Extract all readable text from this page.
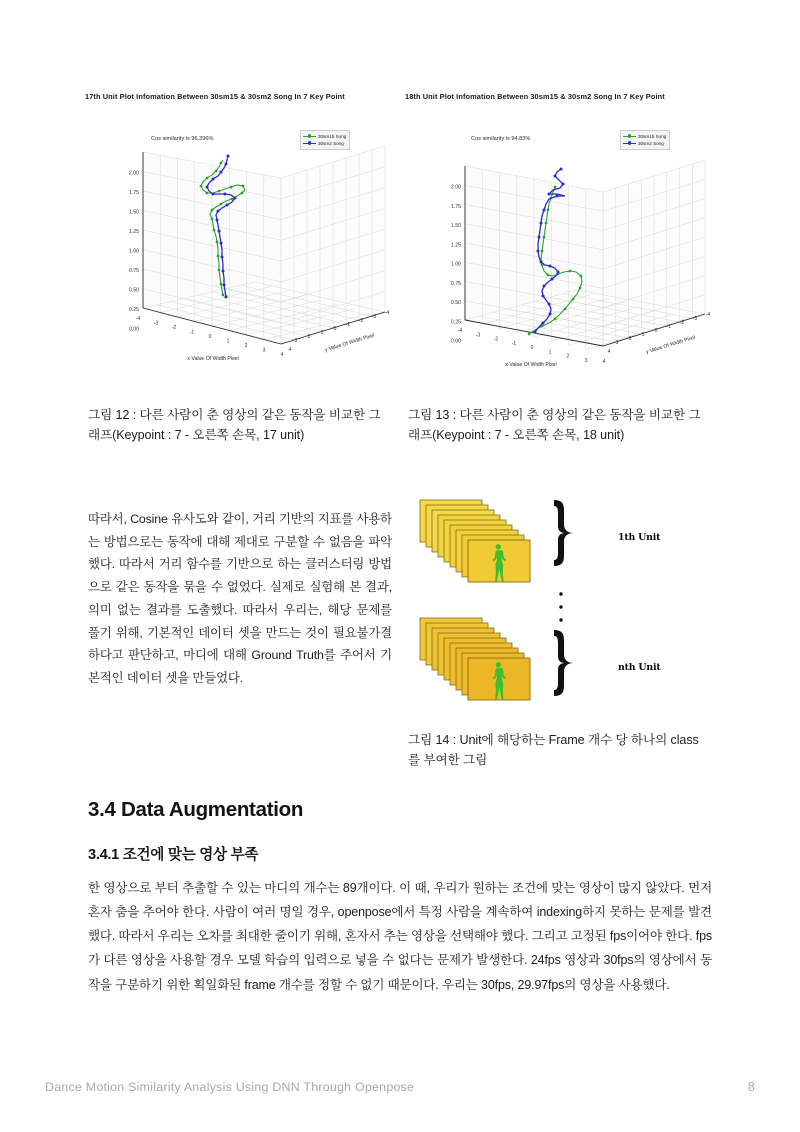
17th Unit Plot Infomation Between 30sm15 & 30sm2 Song In 7 Key Point
Cos similarity is 96.396%	30sm15 Song
30sm2 Song
2.00
1.75
1.50
1.25
1.00
0.75
0.50
0.25
0.00
-4
-3
-2
-1
0
1
2
3
4
x Value Of Width Pixel
-4
-3
-2
-1
0
1
2
3
4	y Value Of Width Pixel
18th Unit Plot Infomation Between 30sm15 & 30sm2 Song In 7 Key Point
Cos similarity is 94.83%	30sm15 Song
30sm2 Song
2.00
1.75
1.50
1.25
1.00
0.75
0.50
0.25
0.00
-4
-3
-2
-1
0
1
2
3	4
x Value Of Width Pixel
-4
-3
-2
-1
0
1
2
3
4	y Value Of Width Pixel
그림 12 : 다른 사람이 춘 영상의 같은 동작을 비교한 그래프(Keypoint : 7 - 오른쪽 손목, 17 unit)
그림 13 : 다른 사람이 춘 영상의 같은 동작을 비교한 그래프(Keypoint : 7 - 오른쪽 손목, 18 unit)
따라서, Cosine 유사도와 같이, 거리 기반의 지표를 사용하는 방법으로는 동작에 대해 제대로 구분할 수 없음을 파악했다. 따라서 거리 함수를 기반으로 하는 클러스터링 방법으로 같은 동작을 묶을 수 없었다. 실제로 실험해 본 결과, 의미 없는 결과를 도출했다. 따라서 우리는, 해당 문제를 풀기 위해, 기본적인 데이터 셋을 만드는 것이 필요불가결하다고 판단하고, 마디에 대해 Ground Truth를 주어서 기본적인 데이터 셋을 만들었다.
1th Unit
nth Unit
그림 14 : Unit에 해당하는 Frame 개수 당 하나의 class를 부여한 그림
3.4 Data Augmentation
3.4.1 조건에 맞는 영상 부족
한 영상으로 부터 추출할 수 있는 마디의 개수는 89개이다. 이 때, 우리가 원하는 조건에 맞는 영상이 많지 않았다. 먼저 혼자 춤을 추어야 한다. 사람이 여러 명일 경우, openpose에서 특정 사람을 계속하여 indexing하지 못하는 문제를 발견했다. 따라서 우리는 오차를 최대한 줄이기 위해, 혼자서 추는 영상을 선택해야 했다. 그리고 고정된 fps이어야 한다. fps가 다른 영상을 사용할 경우 모델 학습의 입력으로 넣을 수 없다는 문제가 발생한다. 24fps 영상과 30fps의 영상에서 동작을 구분하기 위한 획일화된 frame 개수를 정할 수 없기 때문이다. 우리는 30fps, 29.97fps의 영상을 사용했다.
Dance Motion Similarity Analysis Using DNN Through Openpose	8
